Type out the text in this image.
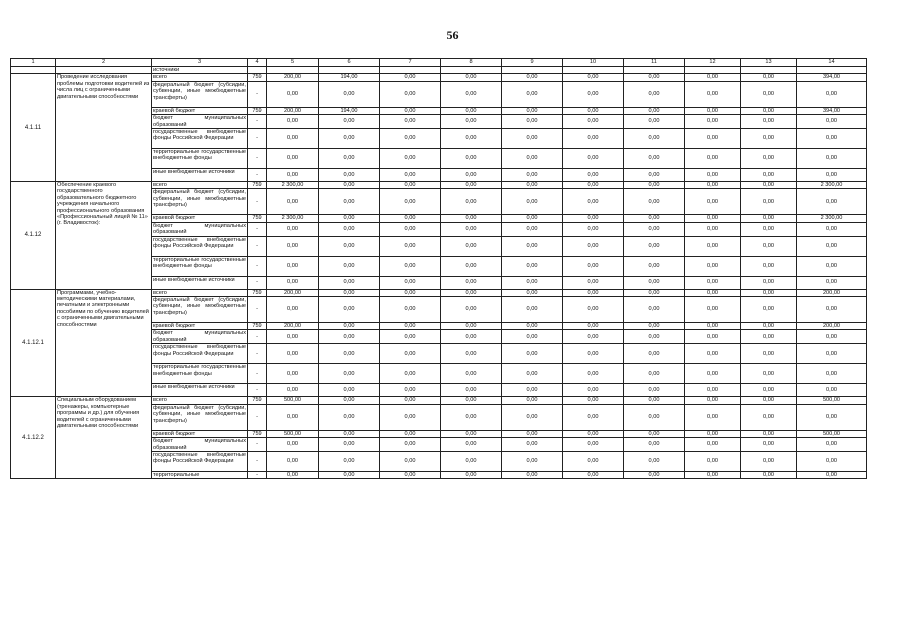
56
1	2	3	4	5	6	7	8	9	10	11	12	13	14
		источники											
4.1.11	Проведение исследования проблемы подготовки водителей из числа лиц с ограниченными двигательными способностями	всего	759	200,00	194,00	0,00	0,00	0,00	0,00	0,00	0,00	0,00	394,00
		федеральный бюджет (субсидии, субвенции, иные межбюджетные трансферты)	-	0,00	0,00	0,00	0,00	0,00	0,00	0,00	0,00	0,00	0,00
		краевой бюджет	759	200,00	194,00	0,00	0,00	0,00	0,00	0,00	0,00	0,00	394,00
		бюджет муниципальных образований	-	0,00	0,00	0,00	0,00	0,00	0,00	0,00	0,00	0,00	0,00
		государственные внебюджетные фонды Российской Федерации	-	0,00	0,00	0,00	0,00	0,00	0,00	0,00	0,00	0,00	0,00
		территориальные государственные внебюджетные фонды	-	0,00	0,00	0,00	0,00	0,00	0,00	0,00	0,00	0,00	0,00
		иные внебюджетные источники	-	0,00	0,00	0,00	0,00	0,00	0,00	0,00	0,00	0,00	0,00
4.1.12	Обеспечение краевого государственного образовательного бюджетного учреждения начального профессионального образования «Профессиональный лицей № 11» (г. Владивосток):	всего	759	2 300,00	0,00	0,00	0,00	0,00	0,00	0,00	0,00	0,00	2 300,00
		федеральный бюджет (субсидии, субвенции, иные межбюджетные трансферты)	-	0,00	0,00	0,00	0,00	0,00	0,00	0,00	0,00	0,00	0,00
		краевой бюджет	759	2 300,00	0,00	0,00	0,00	0,00	0,00	0,00	0,00	0,00	2 300,00
		бюджет муниципальных образований	-	0,00	0,00	0,00	0,00	0,00	0,00	0,00	0,00	0,00	0,00
		государственные внебюджетные фонды Российской Федерации	-	0,00	0,00	0,00	0,00	0,00	0,00	0,00	0,00	0,00	0,00
		территориальные государственные внебюджетные фонды	-	0,00	0,00	0,00	0,00	0,00	0,00	0,00	0,00	0,00	0,00
		иные внебюджетные источники	-	0,00	0,00	0,00	0,00	0,00	0,00	0,00	0,00	0,00	0,00
4.1.12.1	Программами, учебно-методическими материалами, печатными и электронными пособиями по обучению водителей с ограниченными двигательными способностями	всего	759	200,00	0,00	0,00	0,00	0,00	0,00	0,00	0,00	0,00	200,00
		федеральный бюджет (субсидии, субвенции, иные межбюджетные трансферты)	-	0,00	0,00	0,00	0,00	0,00	0,00	0,00	0,00	0,00	0,00
		краевой бюджет	759	200,00	0,00	0,00	0,00	0,00	0,00	0,00	0,00	0,00	200,00
		бюджет муниципальных образований	-	0,00	0,00	0,00	0,00	0,00	0,00	0,00	0,00	0,00	0,00
		государственные внебюджетные фонды Российской Федерации	-	0,00	0,00	0,00	0,00	0,00	0,00	0,00	0,00	0,00	0,00
		территориальные государственные внебюджетные фонды	-	0,00	0,00	0,00	0,00	0,00	0,00	0,00	0,00	0,00	0,00
		иные внебюджетные источники	-	0,00	0,00	0,00	0,00	0,00	0,00	0,00	0,00	0,00	0,00
4.1.12.2	Специальным оборудованием (тренажеры, компьютерные программы и др.) для обучения водителей с ограниченными двигательными способностями	всего	759	500,00	0,00	0,00	0,00	0,00	0,00	0,00	0,00	0,00	500,00
		федеральный бюджет (субсидии, субвенции, иные межбюджетные трансферты)	-	0,00	0,00	0,00	0,00	0,00	0,00	0,00	0,00	0,00	0,00
		краевой бюджет	759	500,00	0,00	0,00	0,00	0,00	0,00	0,00	0,00	0,00	500,00
		бюджет муниципальных образований	-	0,00	0,00	0,00	0,00	0,00	0,00	0,00	0,00	0,00	0,00
		государственные внебюджетные фонды Российской Федерации	-	0,00	0,00	0,00	0,00	0,00	0,00	0,00	0,00	0,00	0,00
		территориальные	-	0,00	0,00	0,00	0,00	0,00	0,00	0,00	0,00	0,00	0,00
